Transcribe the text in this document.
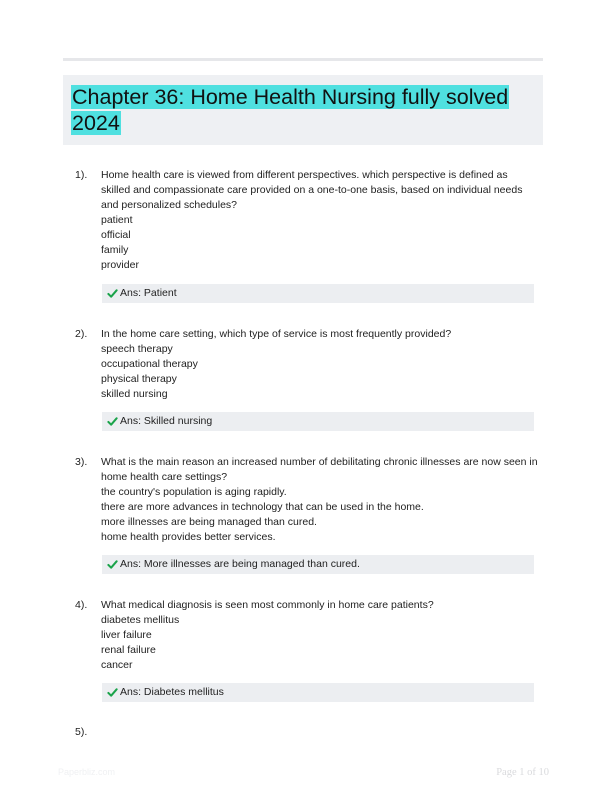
Chapter 36: Home Health Nursing fully solved 2024
1).	Home health care is viewed from different perspectives. which perspective is defined as skilled and compassionate care provided on a one-to-one basis, based on individual needs and personalized schedules?
patient
official
family
provider
Ans: Patient
2).	In the home care setting, which type of service is most frequently provided?
speech therapy
occupational therapy
physical therapy
skilled nursing
Ans: Skilled nursing
3).	What is the main reason an increased number of debilitating chronic illnesses are now seen in home health care settings?
the country's population is aging rapidly.
there are more advances in technology that can be used in the home.
more illnesses are being managed than cured.
home health provides better services.
Ans: More illnesses are being managed than cured.
4).	What medical diagnosis is seen most commonly in home care patients?
diabetes mellitus
liver failure
renal failure
cancer
Ans: Diabetes mellitus
5).
Paperbliz.com	Page 1 of 10
